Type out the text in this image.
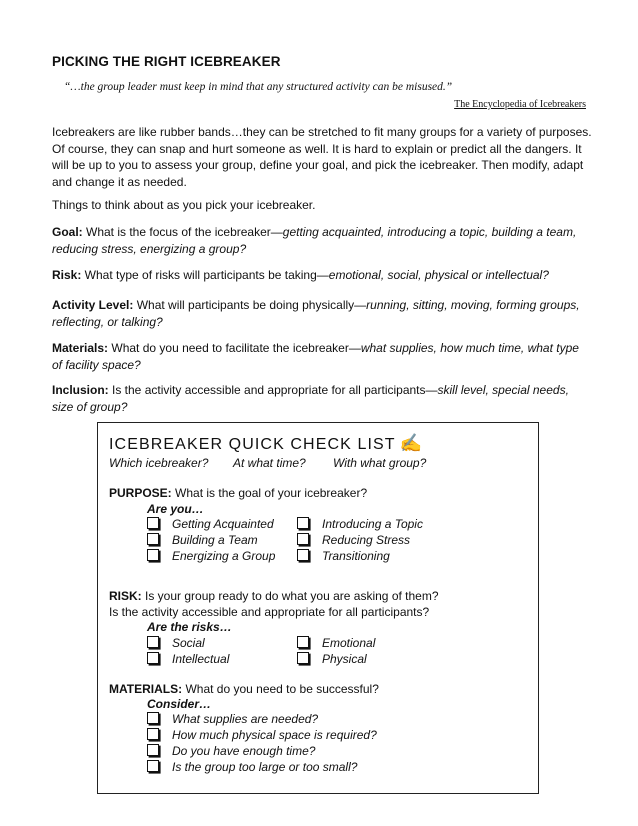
PICKING THE RIGHT ICEBREAKER
“…the group leader must keep in mind that any structured activity can be misused.”
The Encyclopedia of Icebreakers

Icebreakers are like rubber bands…they can be stretched to fit many groups for a variety of purposes. Of course, they can snap and hurt someone as well. It is hard to explain or predict all the dangers. It will be up to you to assess your group, define your goal, and pick the icebreaker. Then modify, adapt and change it as needed.

Things to think about as you pick your icebreaker.

Goal: What is the focus of the icebreaker—getting acquainted, introducing a topic, building a team, reducing stress, energizing a group?

Risk: What type of risks will participants be taking—emotional, social, physical or intellectual?

Activity Level: What will participants be doing physically—running, sitting, moving, forming groups, reflecting, or talking?

Materials: What do you need to facilitate the icebreaker—what supplies, how much time, what type of facility space?

Inclusion: Is the activity accessible and appropriate for all participants—skill level, special needs, size of group?

ICEBREAKER QUICK CHECK LIST ✍
Which icebreaker? At what time? With what group?
PURPOSE: What is the goal of your icebreaker?
Are you…
Getting Acquainted	Introducing a Topic
Building a Team	Reducing Stress
Energizing a Group	Transitioning
RISK: Is your group ready to do what you are asking of them?
Is the activity accessible and appropriate for all participants?
Are the risks…
Social	Emotional
Intellectual	Physical
MATERIALS: What do you need to be successful?
Consider…
What supplies are needed?
How much physical space is required?
Do you have enough time?
Is the group too large or too small?
